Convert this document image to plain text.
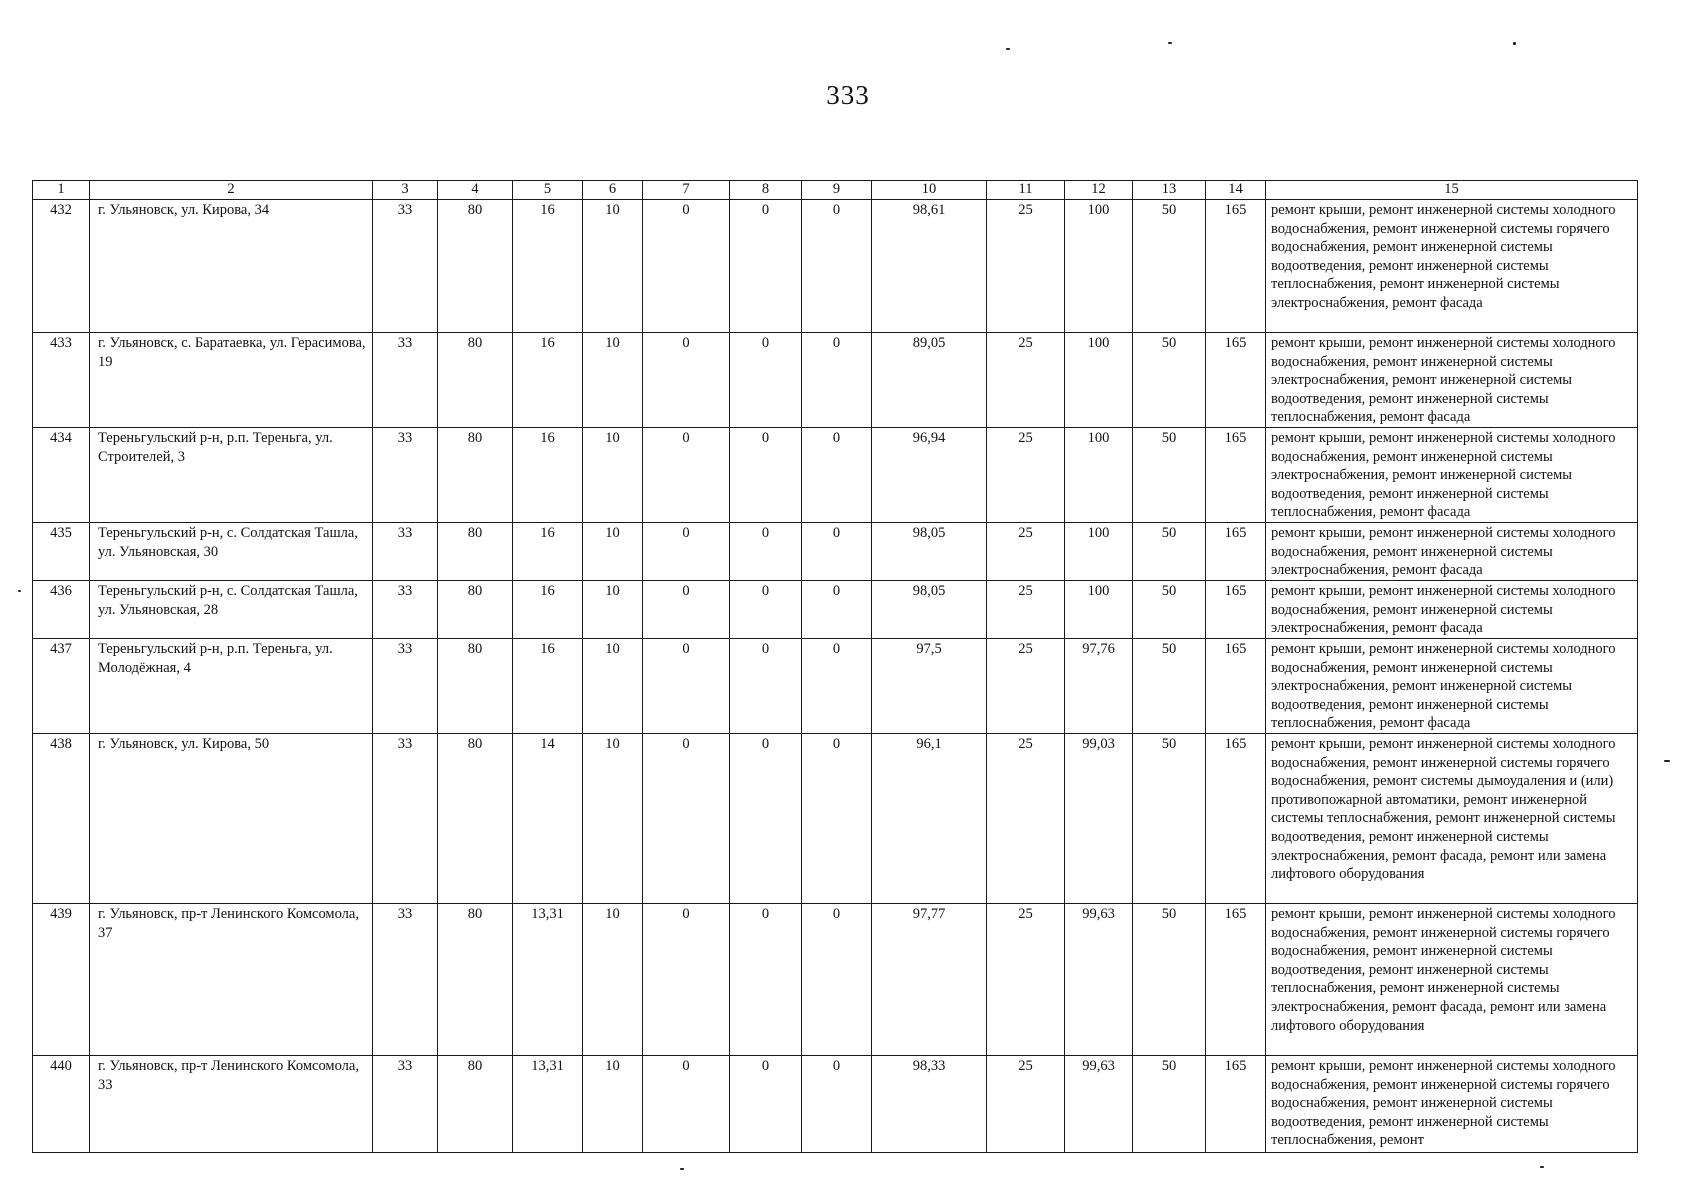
333
1	2	3	4	5	6	7	8	9	10	11	12	13	14	15
432	г. Ульяновск, ул. Кирова, 34	33	80	16	10	0	0	0	98,61	25	100	50	165	ремонт крыши, ремонт инженерной системы холодного водоснабжения, ремонт инженерной системы горячего водоснабжения, ремонт инженерной системы водоотведения, ремонт инженерной системы теплоснабжения, ремонт инженерной системы электроснабжения, ремонт фасада
433	г. Ульяновск, с. Баратаевка, ул. Герасимова, 19	33	80	16	10	0	0	0	89,05	25	100	50	165	ремонт крыши, ремонт инженерной системы холодного водоснабжения, ремонт инженерной системы электроснабжения, ремонт инженерной системы водоотведения, ремонт инженерной системы теплоснабжения, ремонт фасада
434	Тереньгульский р-н, р.п. Тереньга, ул. Строителей, 3	33	80	16	10	0	0	0	96,94	25	100	50	165	ремонт крыши, ремонт инженерной системы холодного водоснабжения, ремонт инженерной системы электроснабжения, ремонт инженерной системы водоотведения, ремонт инженерной системы теплоснабжения, ремонт фасада
435	Тереньгульский р-н, с. Солдатская Ташла, ул. Ульяновская, 30	33	80	16	10	0	0	0	98,05	25	100	50	165	ремонт крыши, ремонт инженерной системы холодного водоснабжения, ремонт инженерной системы электроснабжения, ремонт фасада
436	Тереньгульский р-н, с. Солдатская Ташла, ул. Ульяновская, 28	33	80	16	10	0	0	0	98,05	25	100	50	165	ремонт крыши, ремонт инженерной системы холодного водоснабжения, ремонт инженерной системы электроснабжения, ремонт фасада
437	Тереньгульский р-н, р.п. Тереньга, ул. Молодёжная, 4	33	80	16	10	0	0	0	97,5	25	97,76	50	165	ремонт крыши, ремонт инженерной системы холодного водоснабжения, ремонт инженерной системы электроснабжения, ремонт инженерной системы водоотведения, ремонт инженерной системы теплоснабжения, ремонт фасада
438	г. Ульяновск, ул. Кирова, 50	33	80	14	10	0	0	0	96,1	25	99,03	50	165	ремонт крыши, ремонт инженерной системы холодного водоснабжения, ремонт инженерной системы горячего водоснабжения, ремонт системы дымоудаления и (или) противопожарной автоматики, ремонт инженерной системы теплоснабжения, ремонт инженерной системы водоотведения, ремонт инженерной системы электроснабжения, ремонт фасада, ремонт или замена лифтового оборудования
439	г. Ульяновск, пр-т Ленинского Комсомола, 37	33	80	13,31	10	0	0	0	97,77	25	99,63	50	165	ремонт крыши, ремонт инженерной системы холодного водоснабжения, ремонт инженерной системы горячего водоснабжения, ремонт инженерной системы водоотведения, ремонт инженерной системы теплоснабжения, ремонт инженерной системы электроснабжения, ремонт фасада, ремонт или замена лифтового оборудования
440	г. Ульяновск, пр-т Ленинского Комсомола, 33	33	80	13,31	10	0	0	0	98,33	25	99,63	50	165	ремонт крыши, ремонт инженерной системы холодного водоснабжения, ремонт инженерной системы горячего водоснабжения, ремонт инженерной системы водоотведения, ремонт инженерной системы теплоснабжения, ремонт
